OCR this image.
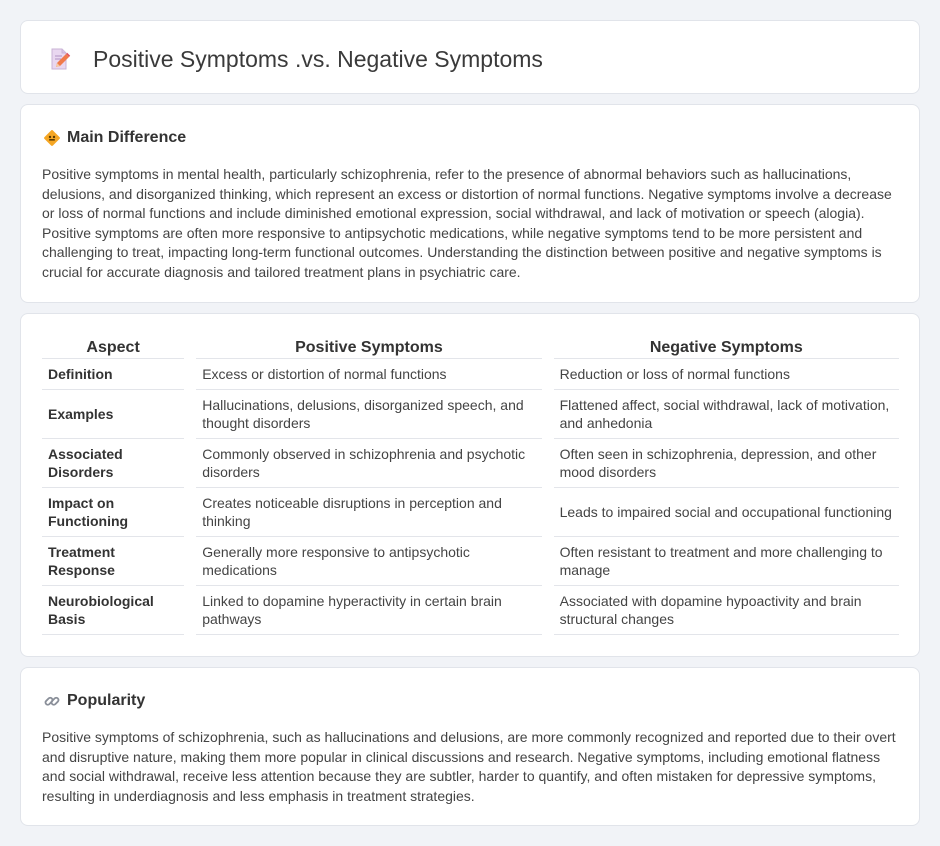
Positive Symptoms .vs. Negative Symptoms
Main Difference

Positive symptoms in mental health, particularly schizophrenia, refer to the presence of abnormal behaviors such as hallucinations, delusions, and disorganized thinking, which represent an excess or distortion of normal functions. Negative symptoms involve a decrease or loss of normal functions and include diminished emotional expression, social withdrawal, and lack of motivation or speech (alogia). Positive symptoms are often more responsive to antipsychotic medications, while negative symptoms tend to be more persistent and challenging to treat, impacting long-term functional outcomes. Understanding the distinction between positive and negative symptoms is crucial for accurate diagnosis and tailored treatment plans in psychiatric care.

Aspect		Positive Symptoms		Negative Symptoms
Definition		Excess or distortion of normal functions		Reduction or loss of normal functions
Examples		Hallucinations, delusions, disorganized speech, and thought disorders		Flattened affect, social withdrawal, lack of motivation, and anhedonia
Associated Disorders		Commonly observed in schizophrenia and psychotic disorders		Often seen in schizophrenia, depression, and other mood disorders
Impact on Functioning		Creates noticeable disruptions in perception and thinking		Leads to impaired social and occupational functioning
Treatment Response		Generally more responsive to antipsychotic medications		Often resistant to treatment and more challenging to manage
Neurobiological Basis		Linked to dopamine hyperactivity in certain brain pathways		Associated with dopamine hypoactivity and brain structural changes
Popularity

Positive symptoms of schizophrenia, such as hallucinations and delusions, are more commonly recognized and reported due to their overt and disruptive nature, making them more popular in clinical discussions and research. Negative symptoms, including emotional flatness and social withdrawal, receive less attention because they are subtler, harder to quantify, and often mistaken for depressive symptoms, resulting in underdiagnosis and less emphasis in treatment strategies.
